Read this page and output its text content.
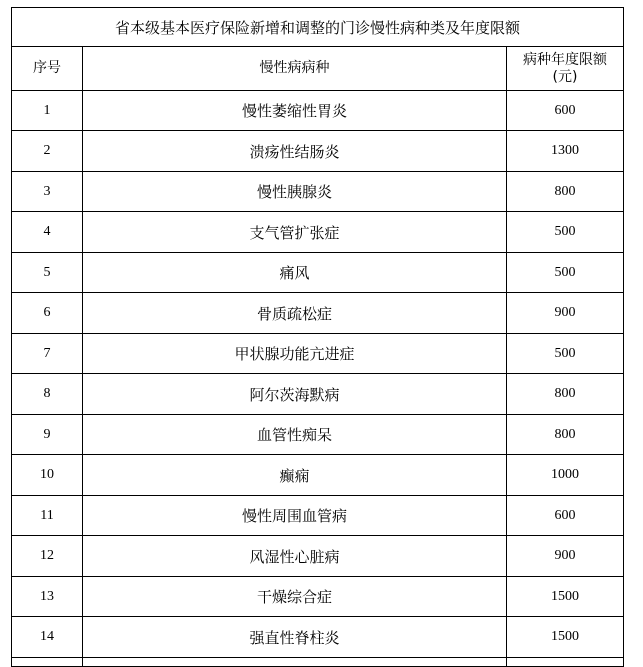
省本级基本医疗保险新增和调整的门诊慢性病种类及年度限额		
序号	慢性病病种	病种年度限额
(元)

1	慢性萎缩性胃炎	600
2	溃疡性结肠炎	1300
3	慢性胰腺炎	800
4	支气管扩张症	500
5	痛风	500
6	骨质疏松症	900
7	甲状腺功能亢进症	500
8	阿尔茨海默病	800
9	血管性痴呆	800
10	癫痫	1000
11	慢性周围血管病	600
12	风湿性心脏病	900
13	干燥综合症	1500
14	强直性脊柱炎	1500
